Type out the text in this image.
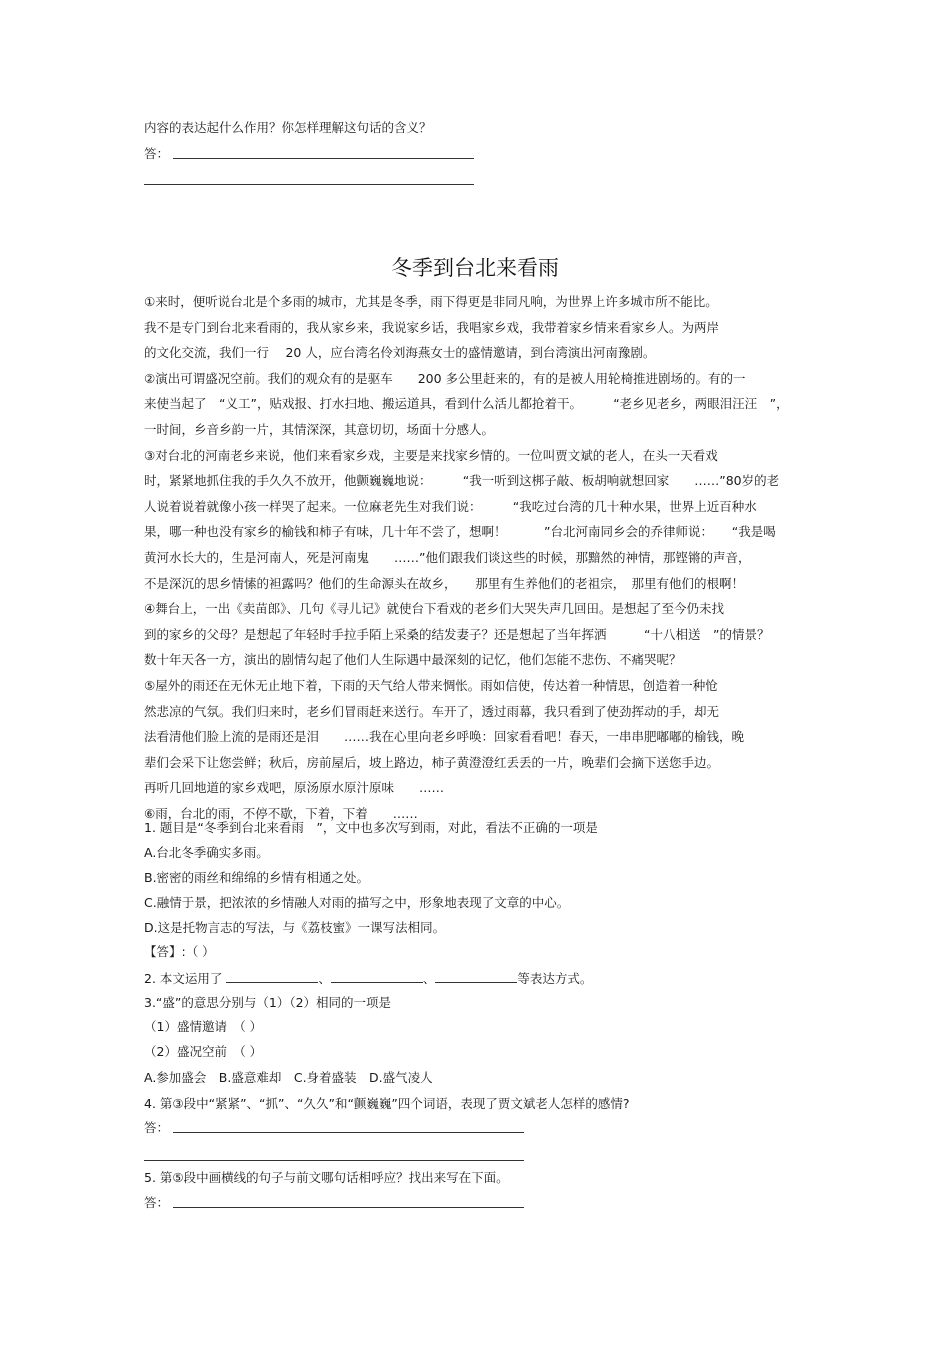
内容的表达起什么作用？你怎样理解这句话的含义？
答：
冬季到台北来看雨
①来时，便听说台北是个多雨的城市，尤其是冬季，雨下得更是非同凡响，为世界上许多城市所不能比。
我不是专门到台北来看雨的，我从家乡来，我说家乡话，我唱家乡戏，我带着家乡情来看家乡人。为两岸
的文化交流，我们一行　 20 人，应台湾名伶刘海燕女士的盛情邀请，到台湾演出河南豫剧。
②演出可谓盛况空前。我们的观众有的是驱车　　200 多公里赶来的，有的是被人用轮椅推进剧场的。有的一
来使当起了　“义工”，贴戏报、打水扫地、搬运道具，看到什么活儿都抢着干。　　　“老乡见老乡，两眼泪汪汪　”，
一时间，乡音乡韵一片，其情深深，其意切切，场面十分感人。
③对台北的河南老乡来说，他们来看家乡戏，主要是来找家乡情的。一位叫贾文斌的老人，在头一天看戏
时，紧紧地抓住我的手久久不放开，他颤巍巍地说：　　　“我一听到这梆子敲、板胡响就想回家　　……”80岁的老
人说着说着就像小孩一样哭了起来。一位麻老先生对我们说：　　　“我吃过台湾的几十种水果，世界上近百种水
果，哪一种也没有家乡的榆钱和柿子有味，几十年不尝了，想啊！　　　”台北河南同乡会的乔律师说：　　“我是喝
黄河水长大的，生是河南人，死是河南鬼　　……”他们跟我们谈这些的时候，那黯然的神情，那铿锵的声音，
不是深沉的思乡情愫的袒露吗？他们的生命源头在故乡，　　那里有生养他们的老祖宗，　那里有他们的根啊！
④舞台上，一出《卖苗郎》、几句《寻儿记》就使台下看戏的老乡们大哭失声几回田。是想起了至今仍未找
到的家乡的父母？是想起了年轻时手拉手陌上采桑的结发妻子？还是想起了当年挥洒　　　“十八相送　”的情景？
数十年天各一方，演出的剧情勾起了他们人生际遇中最深刻的记忆，他们怎能不悲伤、不痛哭呢？
⑤屋外的雨还在无休无止地下着，下雨的天气给人带来惆怅。雨如信使，传达着一种情思，创造着一种怆
然悲凉的气氛。我们归来时，老乡们冒雨赶来送行。车开了，透过雨幕，我只看到了使劲挥动的手，却无
法看清他们脸上流的是雨还是泪　　……我在心里向老乡呼唤：回家看看吧！春天，一串串肥嘟嘟的榆钱，晚
辈们会采下让您尝鲜；秋后，房前屋后，坡上路边，柿子黄澄澄红丢丢的一片，晚辈们会摘下送您手边。
再听几回地道的家乡戏吧，原汤原水原汁原味　　……
⑥雨，台北的雨，不停不歇，下着，下着　　……
1. 题目是“冬季到台北来看雨　”，文中也多次写到雨，对此，看法不正确的一项是
A.台北冬季确实多雨。
B.密密的雨丝和绵绵的乡情有相通之处。
C.融情于景，把浓浓的乡情融人对雨的描写之中，形象地表现了文章的中心。
D.这是托物言志的写法，与《荔枝蜜》一课写法相同。
【答】:（ ）
2. 本文运用了	、	、	等表达方式。
3.“盛”的意思分别与（1）（2）相同的一项是
（1）盛情邀请　（ ）
（2）盛况空前　（ ）
A.参加盛会　B.盛意难却　C.身着盛装　D.盛气凌人
4. 第③段中“紧紧”、“抓”、“久久”和“颤巍巍”四个词语，表现了贾文斌老人怎样的感情?
答：
5. 第⑤段中画横线的句子与前文哪句话相呼应？找出来写在下面。
答：
